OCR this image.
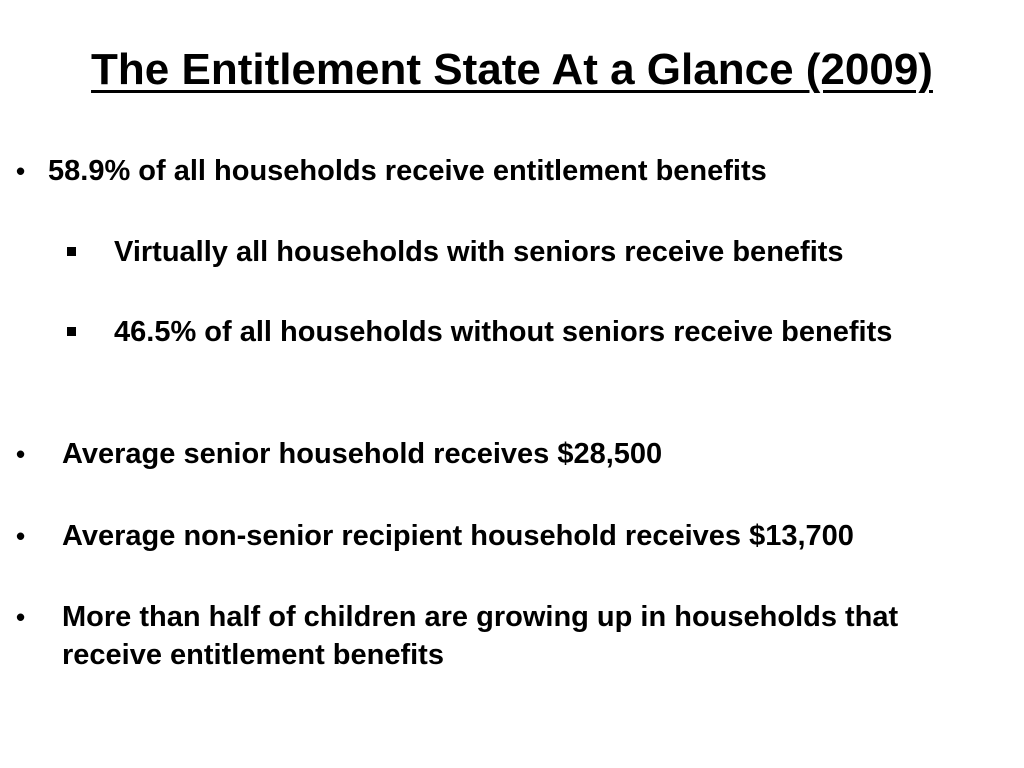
The Entitlement State At a Glance (2009)
• 58.9% of all households receive entitlement benefits
Virtually all households with seniors receive benefits
46.5% of all households without seniors receive benefits
• Average senior household receives $28,500
• Average non-senior recipient household receives $13,700
• More than half of children are growing up in households that receive entitlement benefits
